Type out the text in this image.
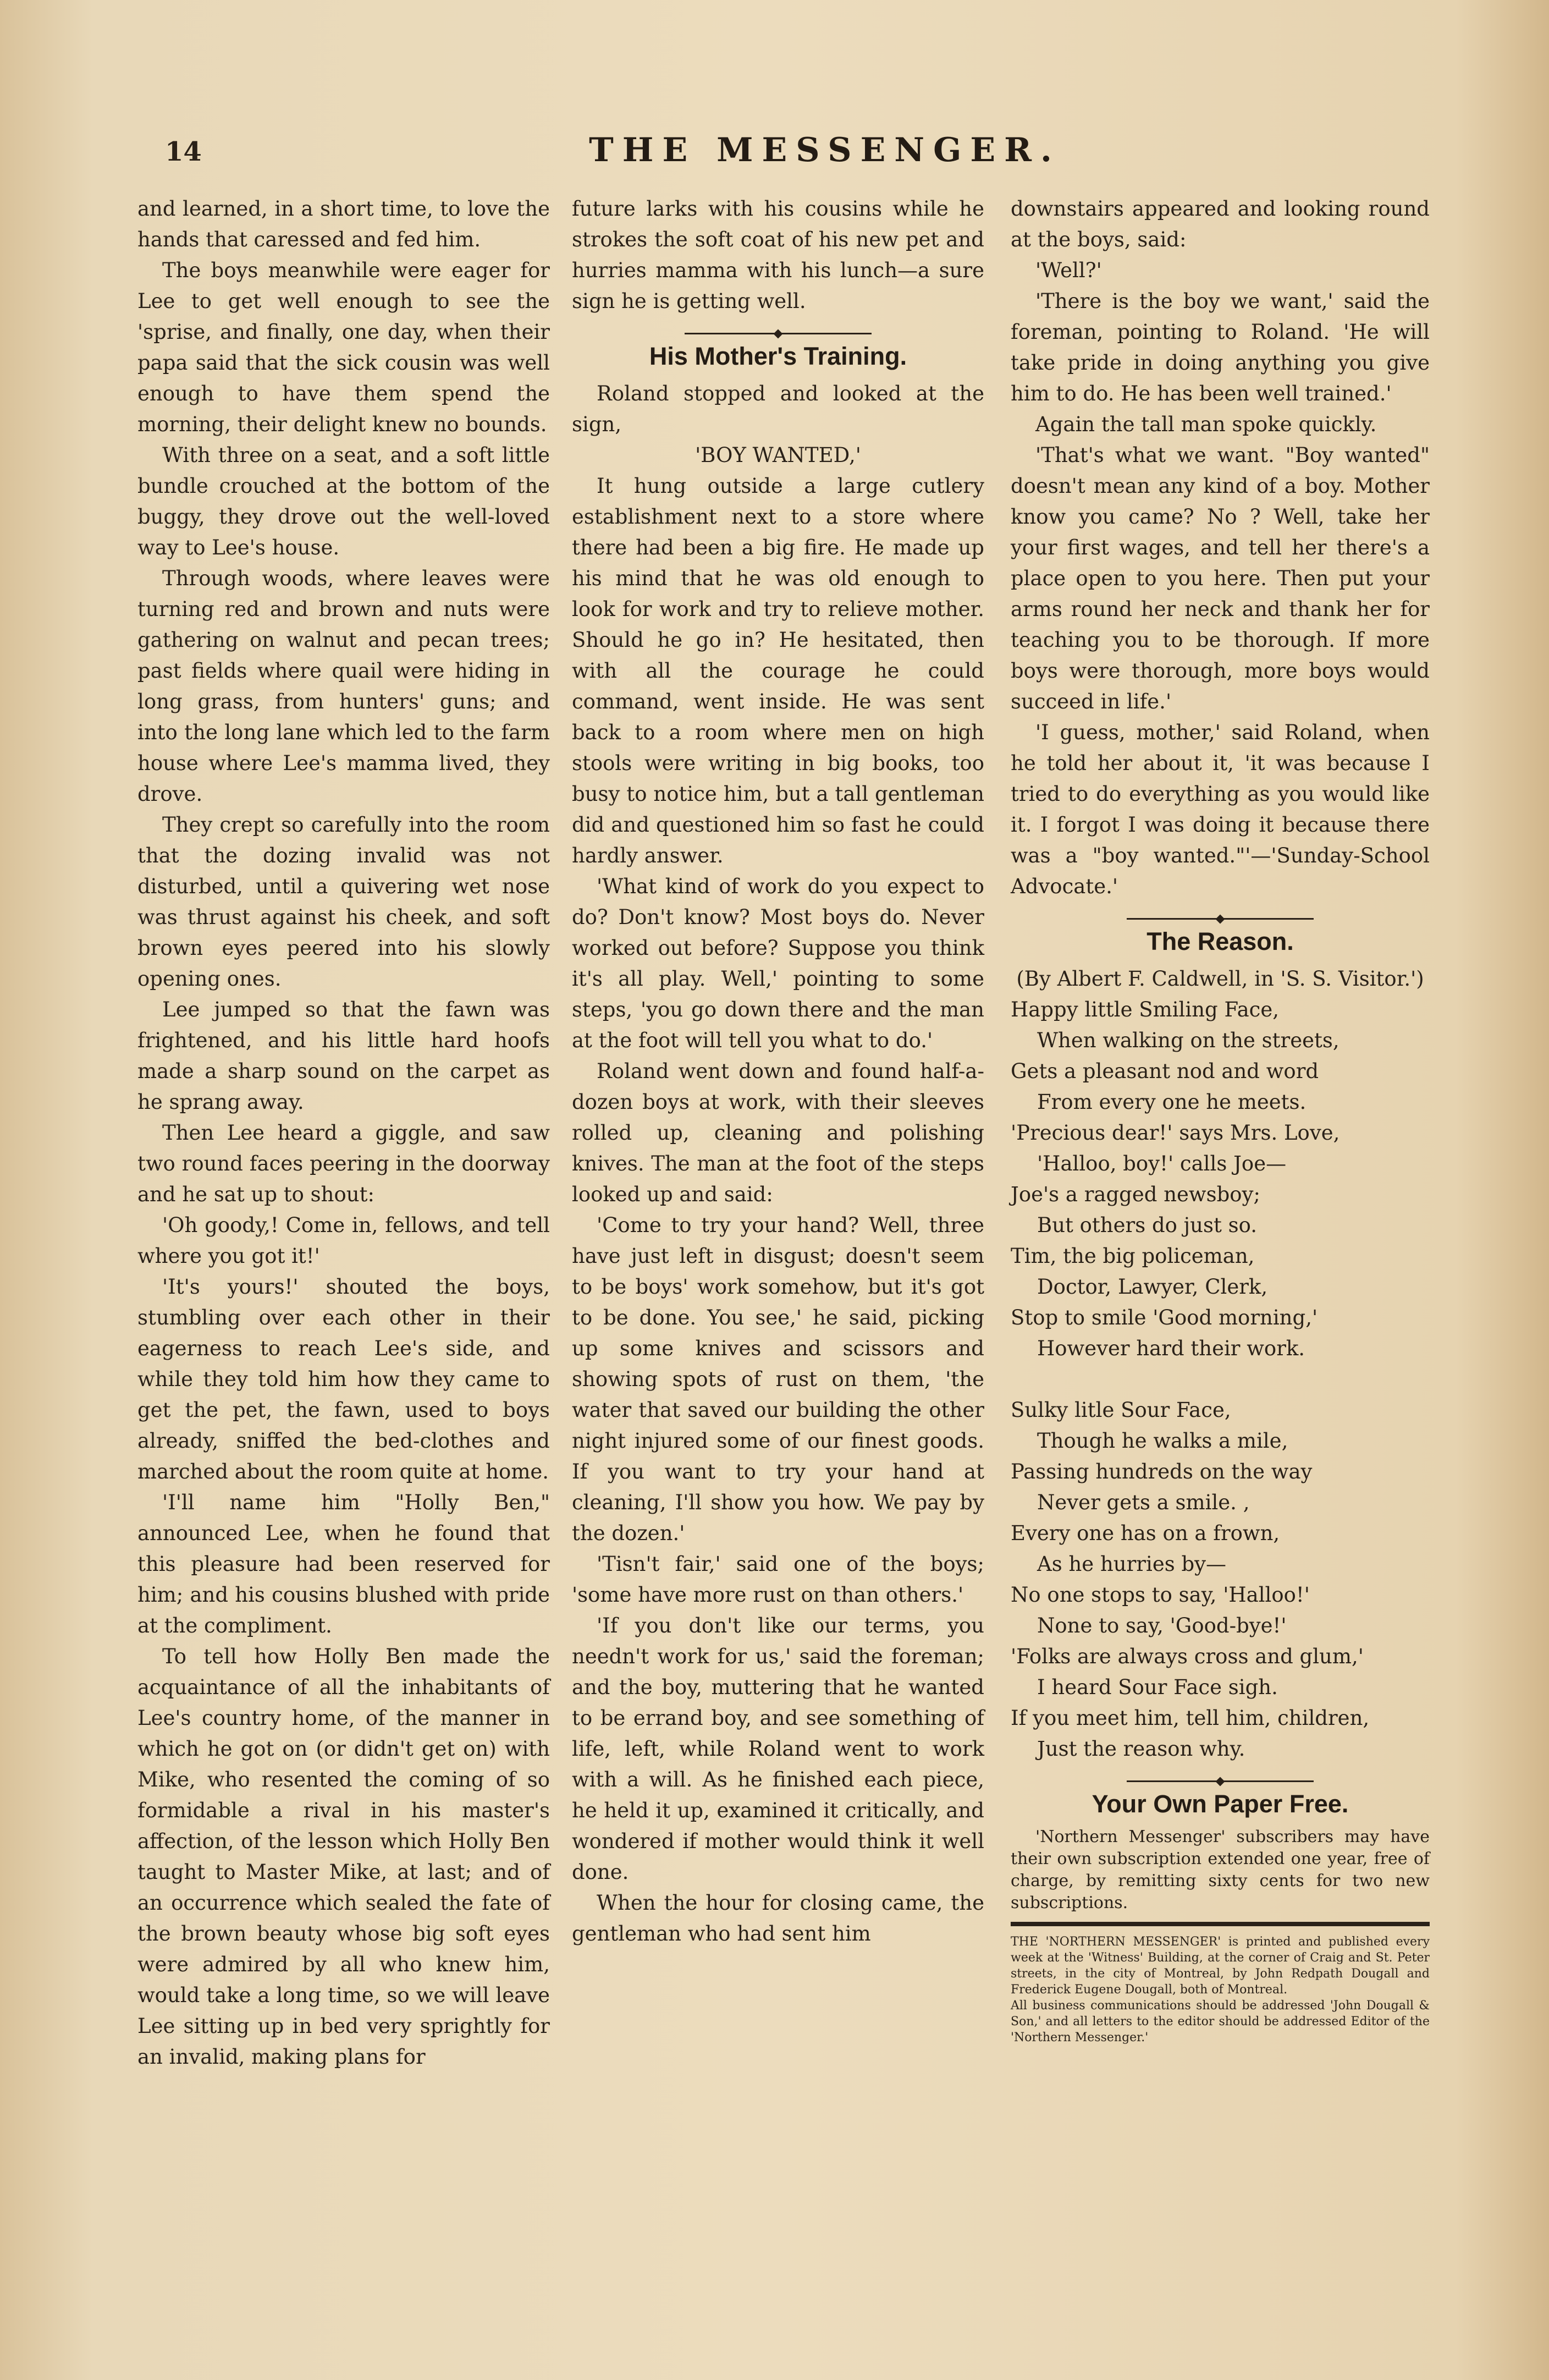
14	THE MESSENGER.

and learned, in a short time, to love the hands that caressed and fed him.

The boys meanwhile were eager for Lee to get well enough to see the 'sprise, and finally, one day, when their papa said that the sick cousin was well enough to have them spend the morning, their delight knew no bounds.

With three on a seat, and a soft little bundle crouched at the bottom of the buggy, they drove out the well-loved way to Lee's house.

Through woods, where leaves were turning red and brown and nuts were gathering on walnut and pecan trees; past fields where quail were hiding in long grass, from hunters' guns; and into the long lane which led to the farm house where Lee's mamma lived, they drove.

They crept so carefully into the room that the dozing invalid was not disturbed, until a quivering wet nose was thrust against his cheek, and soft brown eyes peered into his slowly opening ones.

Lee jumped so that the fawn was frightened, and his little hard hoofs made a sharp sound on the carpet as he sprang away.

Then Lee heard a giggle, and saw two round faces peering in the doorway and he sat up to shout:

'Oh goody,! Come in, fellows, and tell where you got it!'

'It's yours!' shouted the boys, stumbling over each other in their eagerness to reach Lee's side, and while they told him how they came to get the pet, the fawn, used to boys already, sniffed the bed-clothes and marched about the room quite at home.

'I'll name him "Holly Ben," announced Lee, when he found that this pleasure had been reserved for him; and his cousins blushed with pride at the compliment.

To tell how Holly Ben made the acquaintance of all the inhabitants of Lee's country home, of the manner in which he got on (or didn't get on) with Mike, who resented the coming of so formidable a rival in his master's affection, of the lesson which Holly Ben taught to Master Mike, at last; and of an occurrence which sealed the fate of the brown beauty whose big soft eyes were admired by all who knew him, would take a long time, so we will leave Lee sitting up in bed very sprightly for an invalid, making plans for

future larks with his cousins while he strokes the soft coat of his new pet and hurries mamma with his lunch—a sure sign he is getting well.

His Mother's Training.

Roland stopped and looked at the sign,

'BOY WANTED,'

It hung outside a large cutlery establishment next to a store where there had been a big fire. He made up his mind that he was old enough to look for work and try to relieve mother. Should he go in? He hesitated, then with all the courage he could command, went inside. He was sent back to a room where men on high stools were writing in big books, too busy to notice him, but a tall gentleman did and questioned him so fast he could hardly answer.

'What kind of work do you expect to do? Don't know? Most boys do. Never worked out before? Suppose you think it's all play. Well,' pointing to some steps, 'you go down there and the man at the foot will tell you what to do.'

Roland went down and found half-a-dozen boys at work, with their sleeves rolled up, cleaning and polishing knives. The man at the foot of the steps looked up and said:

'Come to try your hand? Well, three have just left in disgust; doesn't seem to be boys' work somehow, but it's got to be done. You see,' he said, picking up some knives and scissors and showing spots of rust on them, 'the water that saved our building the other night injured some of our finest goods. If you want to try your hand at cleaning, I'll show you how. We pay by the dozen.'

'Tisn't fair,' said one of the boys; 'some have more rust on than others.'

'If you don't like our terms, you needn't work for us,' said the foreman; and the boy, muttering that he wanted to be errand boy, and see something of life, left, while Roland went to work with a will. As he finished each piece, he held it up, examined it critically, and wondered if mother would think it well done.

When the hour for closing came, the gentleman who had sent him

downstairs appeared and looking round at the boys, said:

'Well?'

'There is the boy we want,' said the foreman, pointing to Roland. 'He will take pride in doing anything you give him to do. He has been well trained.'

Again the tall man spoke quickly.

'That's what we want. "Boy wanted" doesn't mean any kind of a boy. Mother know you came? No ? Well, take her your first wages, and tell her there's a place open to you here. Then put your arms round her neck and thank her for teaching you to be thorough. If more boys were thorough, more boys would succeed in life.'

'I guess, mother,' said Roland, when he told her about it, 'it was because I tried to do everything as you would like it. I forgot I was doing it because there was a "boy wanted."'—'Sunday-School Advocate.'

The Reason.

(By Albert F. Caldwell, in 'S. S. Visitor.')

Happy little Smiling Face,

When walking on the streets,

Gets a pleasant nod and word

From every one he meets.

'Precious dear!' says Mrs. Love,

'Halloo, boy!' calls Joe—

Joe's a ragged newsboy;

But others do just so.

Tim, the big policeman,

Doctor, Lawyer, Clerk,

Stop to smile 'Good morning,'

However hard their work.

Sulky litle Sour Face,

Though he walks a mile,

Passing hundreds on the way

Never gets a smile. ,

Every one has on a frown,

As he hurries by—

No one stops to say, 'Halloo!'

None to say, 'Good-bye!'

'Folks are always cross and glum,'

I heard Sour Face sigh.

If you meet him, tell him, children,

Just the reason why.

Your Own Paper Free.

'Northern Messenger' subscribers may have their own subscription extended one year, free of charge, by remitting sixty cents for two new subscriptions.

THE 'NORTHERN MESSENGER' is printed and published every week at the 'Witness' Building, at the corner of Craig and St. Peter streets, in the city of Montreal, by John Redpath Dougall and Frederick Eugene Dougall, both of Montreal.

All business communications should be addressed 'John Dougall & Son,' and all letters to the editor should be addressed Editor of the 'Northern Messenger.'
